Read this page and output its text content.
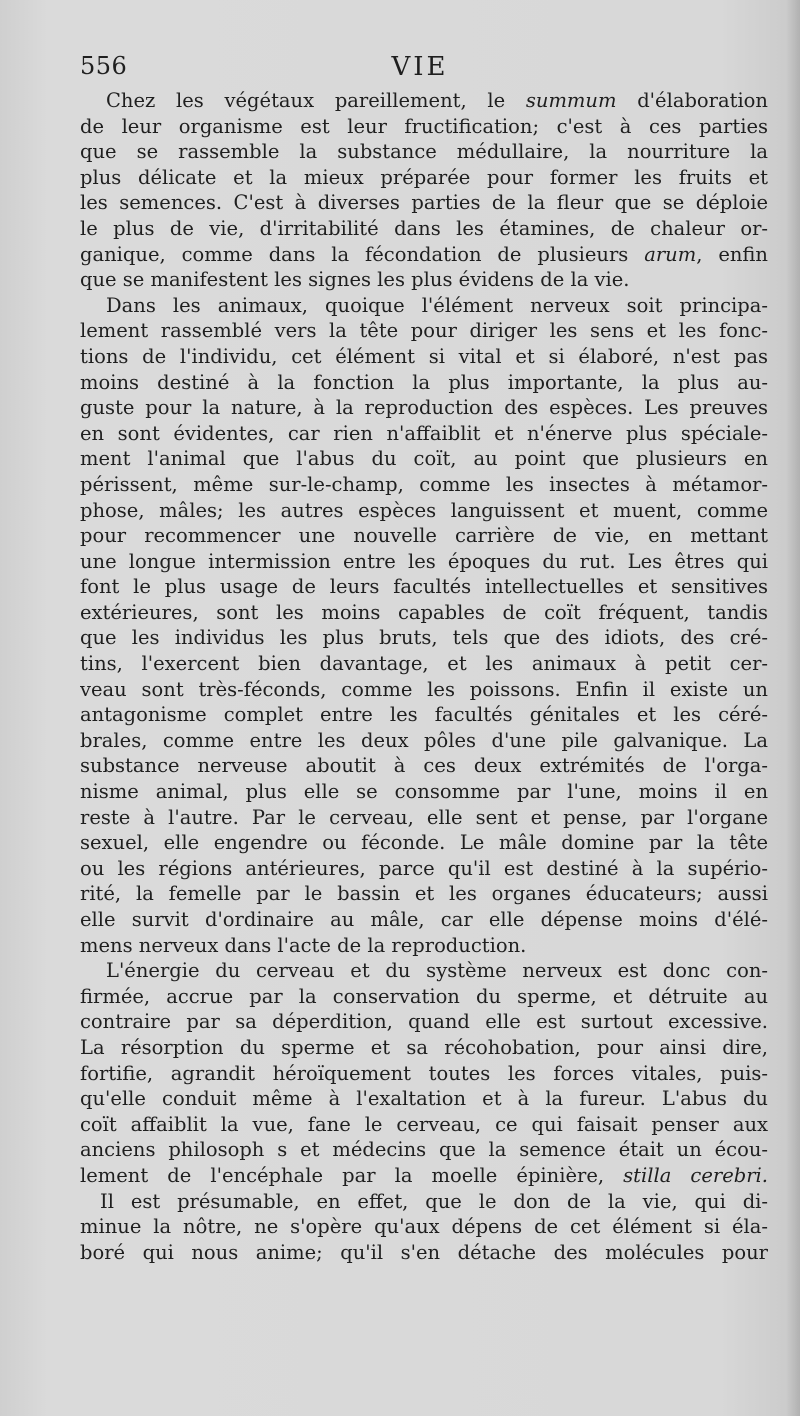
556	VIE
Chez les végétaux pareillement, le summum d'élaboration
de leur organisme est leur fructification; c'est à ces parties
que se rassemble la substance médullaire, la nourriture la
plus délicate et la mieux préparée pour former les fruits et
les semences. C'est à diverses parties de la fleur que se déploie
le plus de vie, d'irritabilité dans les étamines, de chaleur or-
ganique, comme dans la fécondation de plusieurs arum, enfin
que se manifestent les signes les plus évidens de la vie.
Dans les animaux, quoique l'élément nerveux soit principa-
lement rassemblé vers la tête pour diriger les sens et les fonc-
tions de l'individu, cet élément si vital et si élaboré, n'est pas
moins destiné à la fonction la plus importante, la plus au-
guste pour la nature, à la reproduction des espèces. Les preuves
en sont évidentes, car rien n'affaiblit et n'énerve plus spéciale-
ment l'animal que l'abus du coït, au point que plusieurs en
périssent, même sur-le-champ, comme les insectes à métamor-
phose, mâles; les autres espèces languissent et muent, comme
pour recommencer une nouvelle carrière de vie, en mettant
une longue intermission entre les époques du rut. Les êtres qui
font le plus usage de leurs facultés intellectuelles et sensitives
extérieures, sont les moins capables de coït fréquent, tandis
que les individus les plus bruts, tels que des idiots, des cré-
tins, l'exercent bien davantage, et les animaux à petit cer-
veau sont très-féconds, comme les poissons. Enfin il existe un
antagonisme complet entre les facultés génitales et les céré-
brales, comme entre les deux pôles d'une pile galvanique. La
substance nerveuse aboutit à ces deux extrémités de l'orga-
nisme animal, plus elle se consomme par l'une, moins il en
reste à l'autre. Par le cerveau, elle sent et pense, par l'organe
sexuel, elle engendre ou féconde. Le mâle domine par la tête
ou les régions antérieures, parce qu'il est destiné à la supério-
rité, la femelle par le bassin et les organes éducateurs; aussi
elle survit d'ordinaire au mâle, car elle dépense moins d'élé-
mens nerveux dans l'acte de la reproduction.
L'énergie du cerveau et du système nerveux est donc con-
firmée, accrue par la conservation du sperme, et détruite au
contraire par sa déperdition, quand elle est surtout excessive.
La résorption du sperme et sa récohobation, pour ainsi dire,
fortifie, agrandit héroïquement toutes les forces vitales, puis-
qu'elle conduit même à l'exaltation et à la fureur. L'abus du
coït affaiblit la vue, fane le cerveau, ce qui faisait penser aux
anciens philosoph s et médecins que la semence était un écou-
lement de l'encéphale par la moelle épinière, stilla cerebri.
Il est présumable, en effet, que le don de la vie, qui di-
minue la nôtre, ne s'opère qu'aux dépens de cet élément si éla-
boré qui nous anime; qu'il s'en détache des molécules pour
